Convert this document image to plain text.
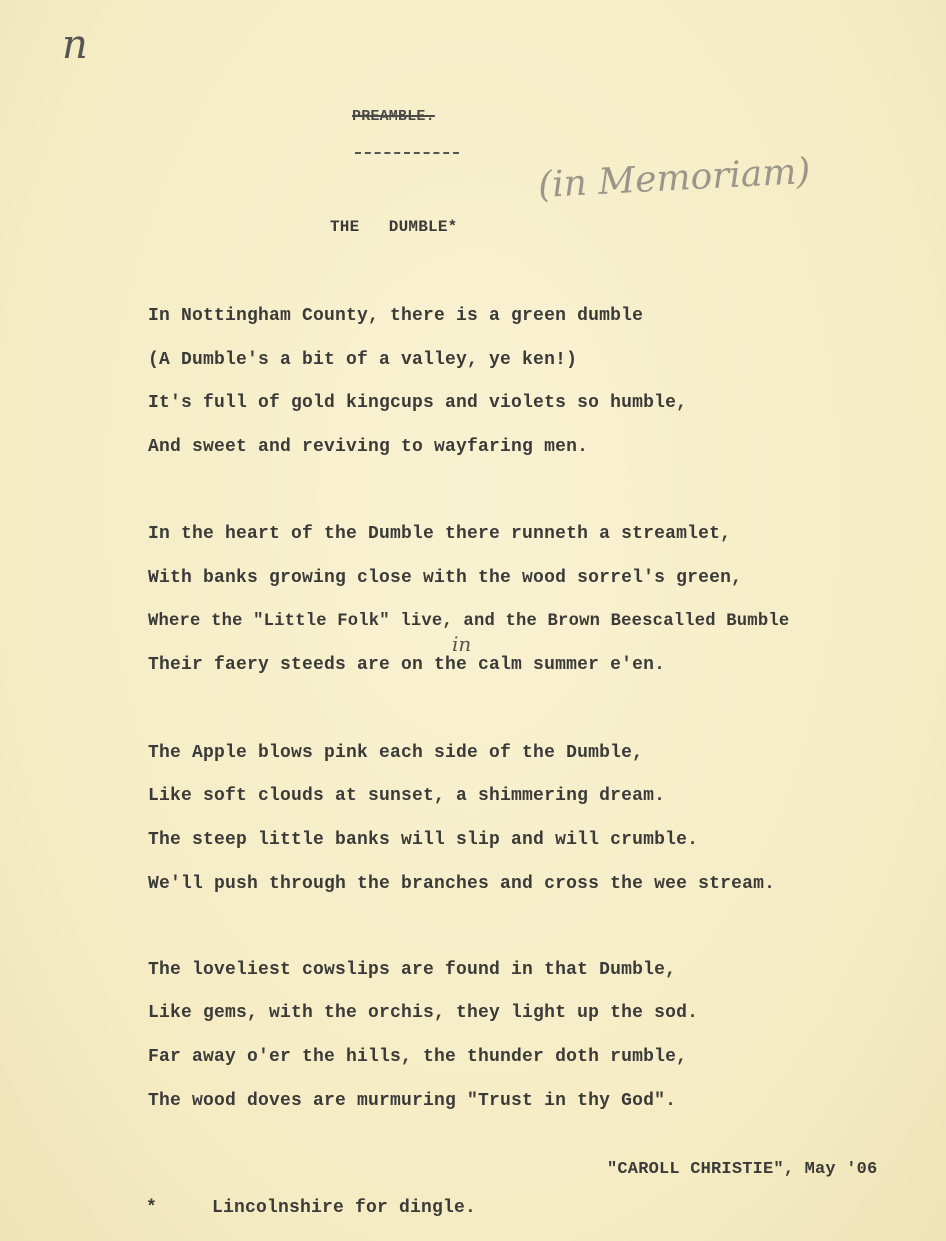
n
PREAMBLE.
(in Memoriam)
THE   DUMBLE*
In Nottingham County, there is a green dumble
(A Dumble's a bit of a valley, ye ken!)
It's full of gold kingcups and violets so humble,
And sweet and reviving to wayfaring men.
In the heart of the Dumble there runneth a streamlet,
With banks growing close with the wood sorrel's green,
Where the "Little Folk" live, and the Brown Beescalled Bumble
in
Their faery steeds are on the calm summer e'en.
The Apple blows pink each side of the Dumble,
Like soft clouds at sunset, a shimmering dream.
The steep little banks will slip and will crumble.
We'll push through the branches and cross the wee stream.
The loveliest cowslips are found in that Dumble,
Like gems, with the orchis, they light up the sod.
Far away o'er the hills, the thunder doth rumble,
The wood doves are murmuring "Trust in thy God".
"CAROLL CHRISTIE", May '06
*	Lincolnshire for dingle.
